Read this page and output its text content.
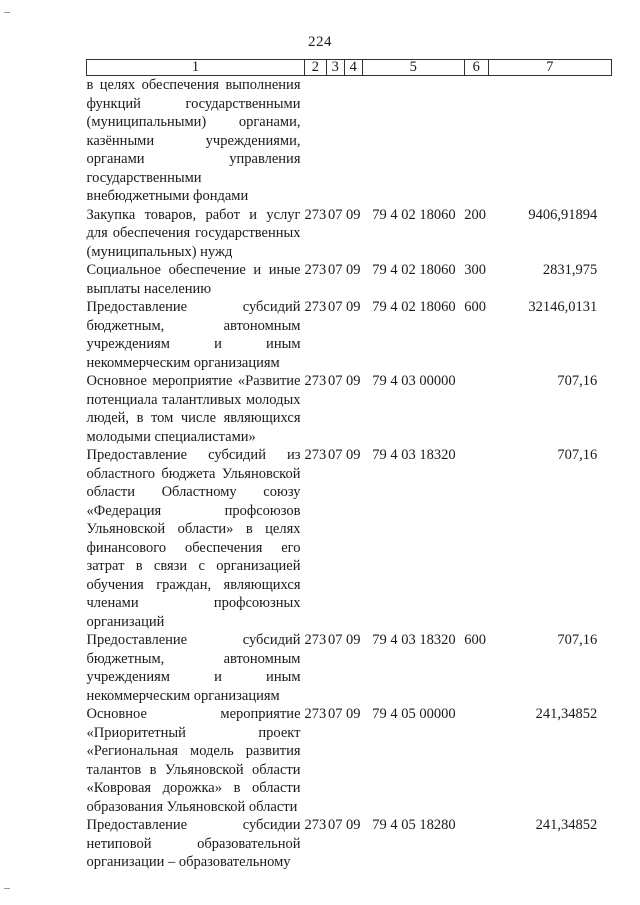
224
1	2	3	4	5	6	7
в целях обеспечения выполнения функций государственными (муниципальными) органами, казёнными учреждениями, органами управления государственными внебюджетными фондами						
Закупка товаров, работ и услуг для обеспечения государственных (муниципальных) нужд	273	07	09	79 4 02 18060	200	9406,91894
Социальное обеспечение и иные выплаты населению	273	07	09	79 4 02 18060	300	2831,975
Предоставление субсидий бюджетным, автономным учреждениям и иным некоммерческим организациям	273	07	09	79 4 02 18060	600	32146,0131
Основное мероприятие «Развитие потенциала талантливых молодых людей, в том числе являющихся молодыми специалистами»	273	07	09	79 4 03 00000		707,16
Предоставление субсидий из областного бюджета Ульяновской области Областному союзу «Федерация профсоюзов Ульяновской области» в целях финансового обеспечения его затрат в связи с организацией обучения граждан, являющихся членами профсоюзных организаций	273	07	09	79 4 03 18320		707,16
Предоставление субсидий бюджетным, автономным учреждениям и иным некоммерческим организациям	273	07	09	79 4 03 18320	600	707,16
Основное мероприятие «Приоритетный проект «Региональная модель развития талантов в Ульяновской области «Ковровая дорожка» в области образования Ульяновской области	273	07	09	79 4 05 00000		241,34852
Предоставление субсидии нетиповой образовательной организации – образовательному	273	07	09	79 4 05 18280		241,34852
